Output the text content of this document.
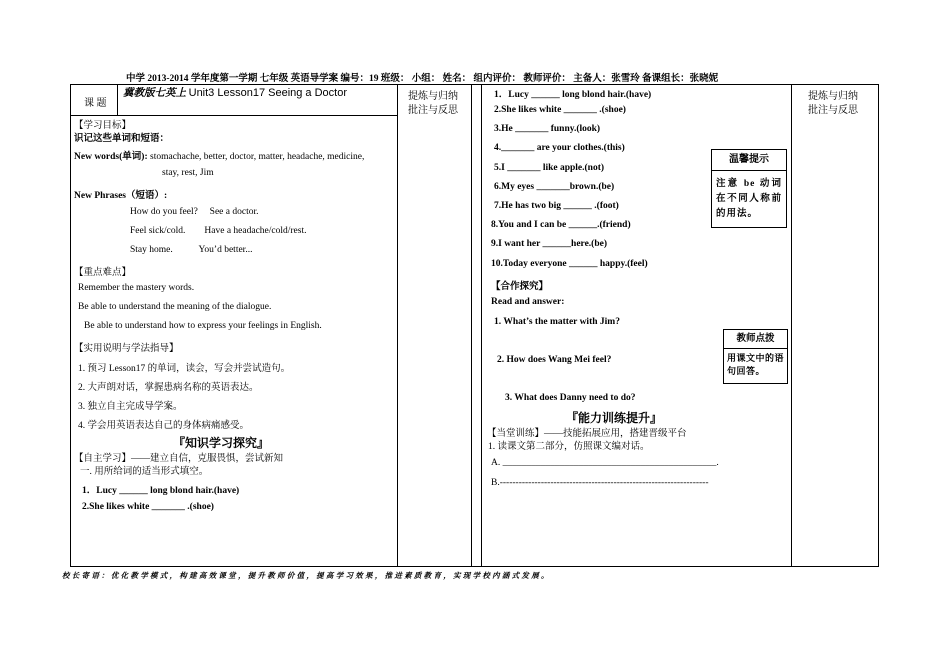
中学 2013-2014 学年度第一学期 七年级 英语导学案 编号：19 班级： 小组： 姓名： 组内评价： 教师评价： 主备人：张雪玲 备课组长：张晓妮
课 题
冀教版七英上 Unit3 Lesson17 Seeing a Doctor	提炼与归纳
批注与反思
提炼与归纳
批注与反思
【学习目标】
识记这些单词和短语：
New words(单词): stomachache, better, doctor, matter, headache, medicine,
stay, rest, Jim
New Phrases（短语）:
How do you feel?     See a doctor.
Feel sick/cold.        Have a headache/cold/rest.
Stay home.           You’d better...
【重点难点】
Remember the mastery words.
Be able to understand the meaning of the dialogue.
Be able to understand how to express your feelings in English.
【实用说明与学法指导】
1. 预习 Lesson17 的单词，读会，写会并尝试造句。
2. 大声朗对话，掌握患病名称的英语表达。
3. 独立自主完成导学案。
4. 学会用英语表达自己的身体病痛感受。
『知识学习探究』
【自主学习】——建立自信，克服畏惧，尝试新知
一. 用所给词的适当形式填空。
1．Lucy ______ long blond hair.(have)
2.She likes white _______ .(shoe)
1．Lucy ______ long blond hair.(have)
2.She likes white _______ .(shoe)
3.He _______ funny.(look)
4._______ are your clothes.(this)
5.I _______ like apple.(not)
6.My eyes _______brown.(be)
7.He has two big ______ .(foot)
8.You and I can be ______.(friend)
9.I want her ______here.(be)
10.Today everyone ______ happy.(feel)
【合作探究】
Read and answer:
1. What’s the matter with Jim?
2. How does Wang Mei feel?
3. What does Danny need to do?
『能力训练提升』
【当堂训练】——技能拓展应用，搭建晋级平台
1. 读课文第二部分，仿照课文编对话。
A. _____________________________________________.
B.------------------------------------------------------------------
温馨提示
注意 be 动词在不同人称前的用法。
教师点拨
用课文中的语句回答。
校 长 寄 语 ： 优 化 教 学 模 式 ， 构 建 高 效 课 堂 ， 提 升 教 师 价 值 ， 提 高 学 习 效 果 ， 推 进 素 质 教 育 ， 实 现 学 校 内 涵 式 发 展 。
